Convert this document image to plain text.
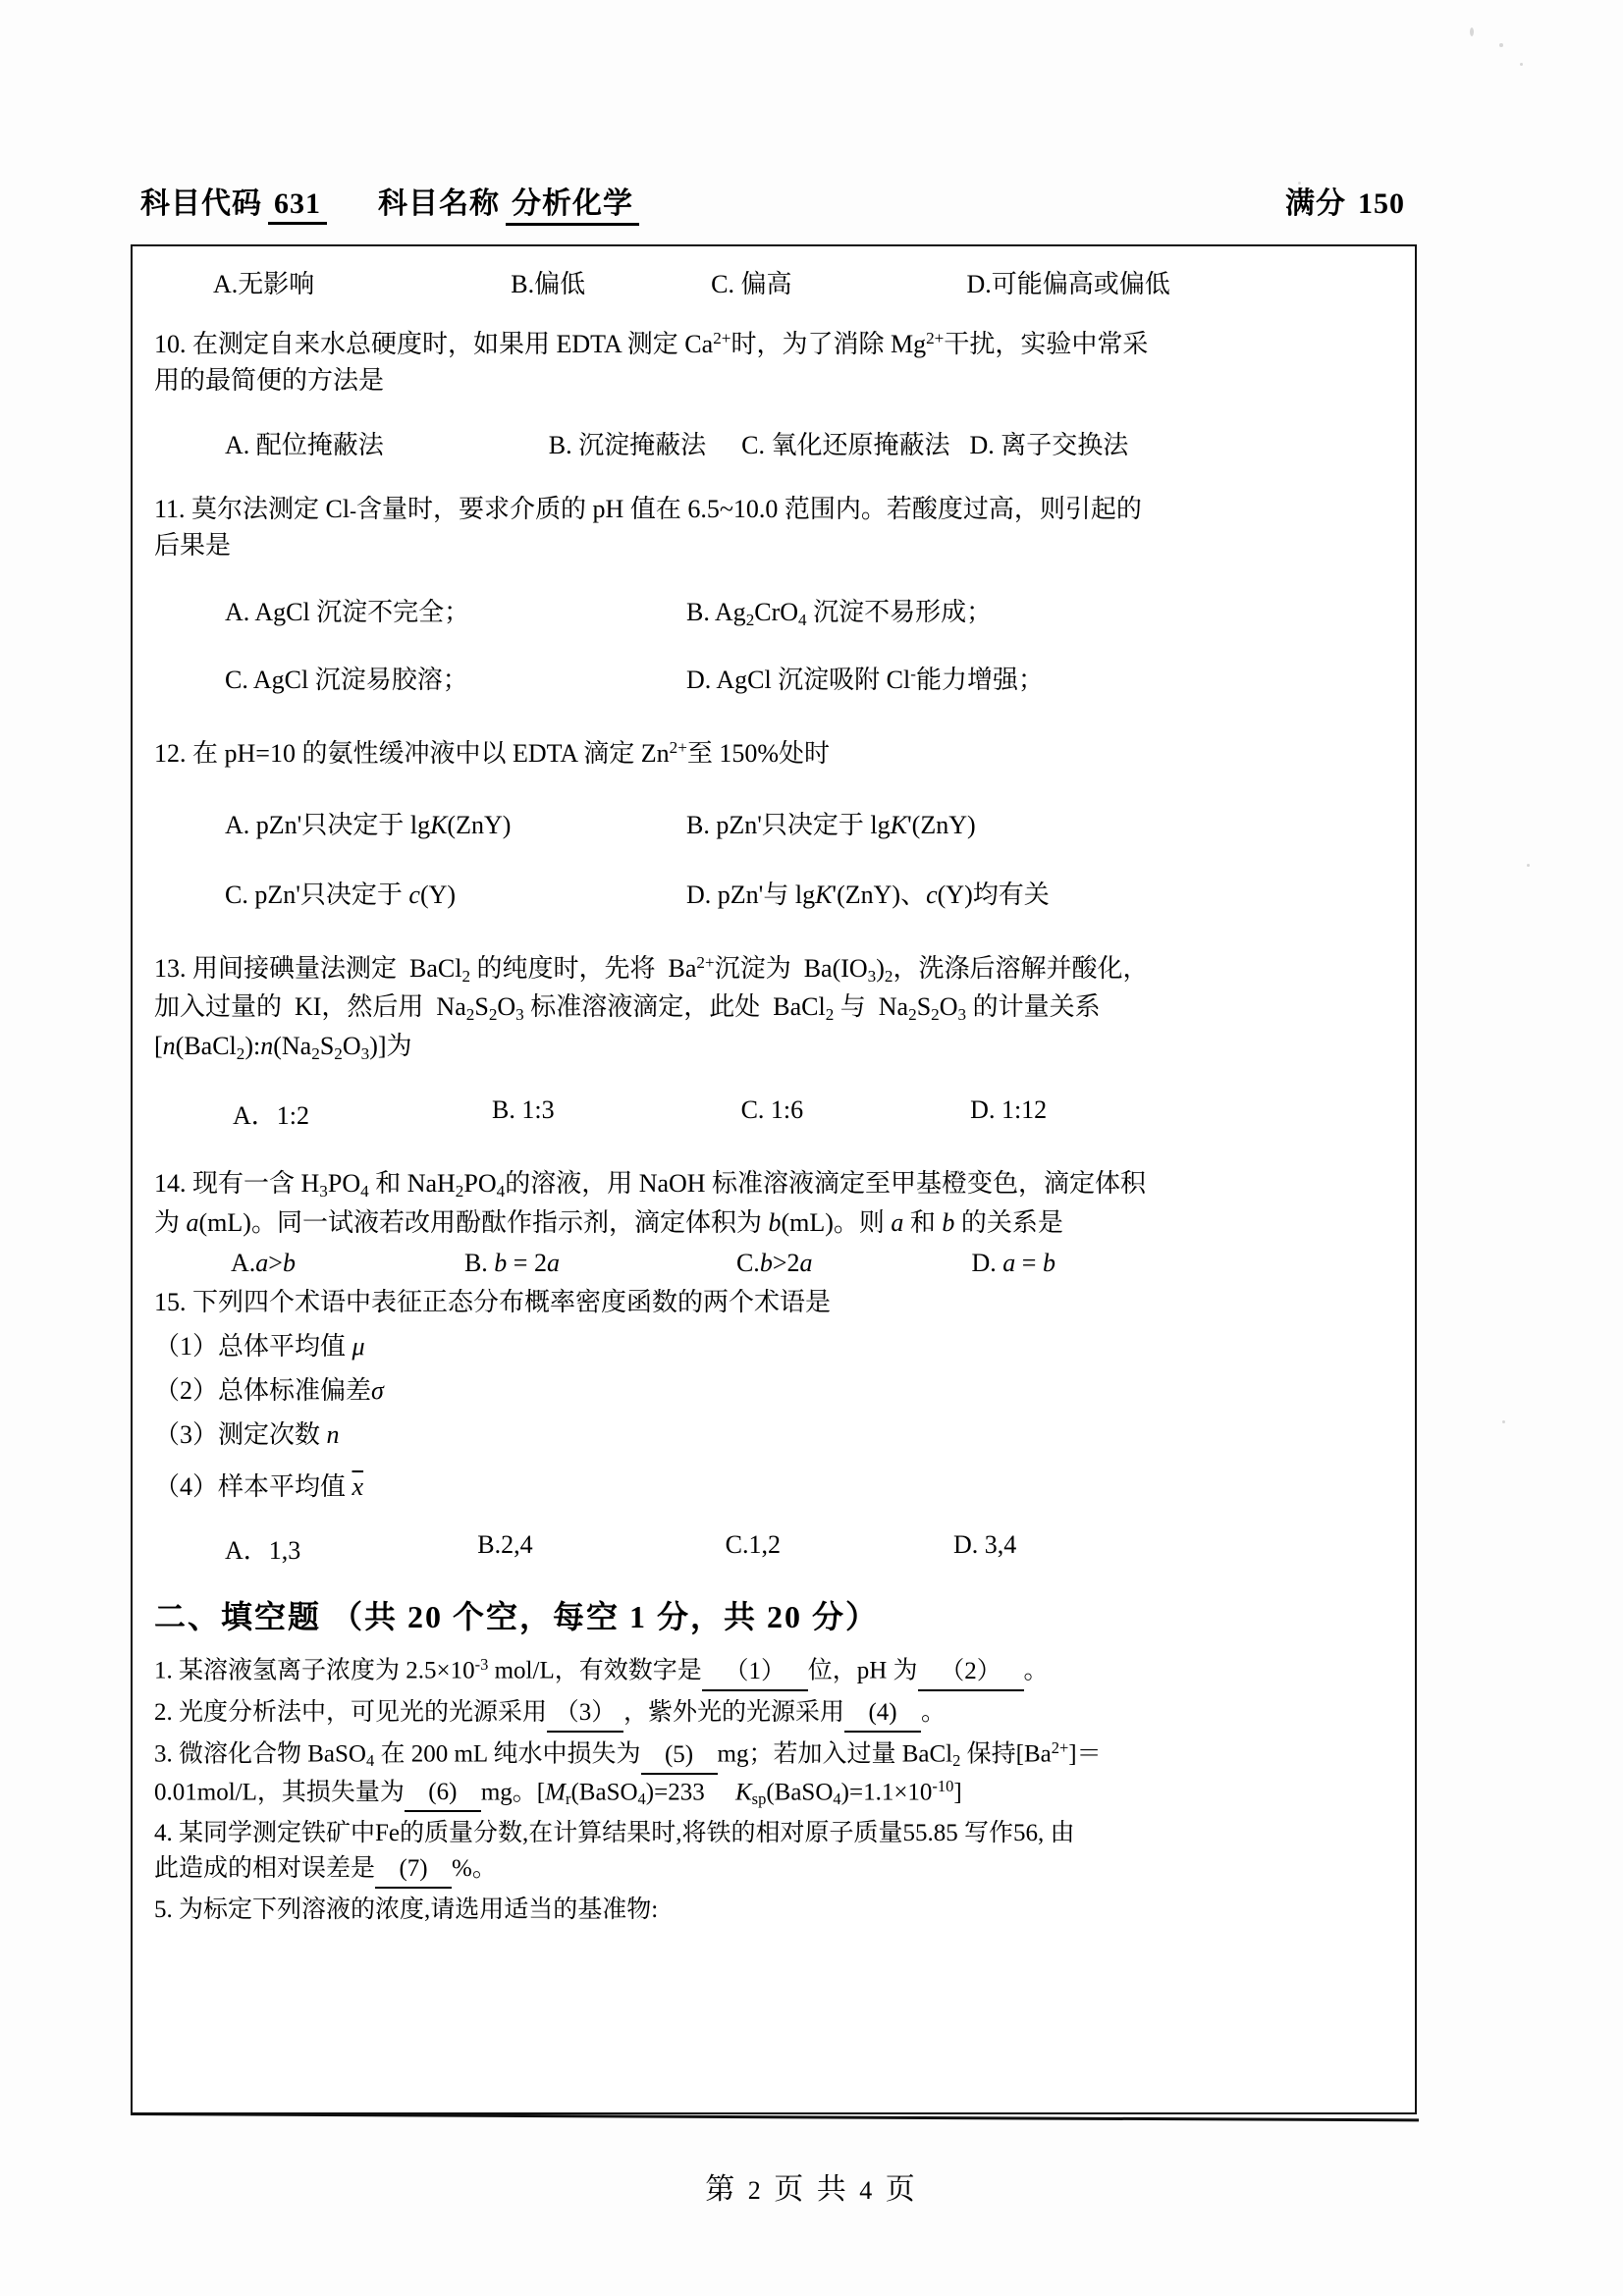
科目代码 631 科目名称 分析化学	满分 150
A.无影响	B.偏低	C. 偏高	D.可能偏高或偏低
10. 在测定自来水总硬度时，如果用 EDTA 测定 $Ca^{2+}$时，为了消除 $Mg^{2+}$干扰，实验中常采
用的最简便的方法是
A. 配位掩蔽法	B. 沉淀掩蔽法 C. 氧化还原掩蔽法 D. 离子交换法
11. 莫尔法测定 Cl-含量时，要求介质的 pH 值在 6.5~10.0 范围内。若酸度过高，则引起的
后果是
A. AgCl 沉淀不完全；	B. $Ag_2CrO_4$ 沉淀不易形成；
C. AgCl 沉淀易胶溶；	D. AgCl 沉淀吸附 Cl-能力增强；
12. 在 pH=10 的氨性缓冲液中以 EDTA 滴定 $Zn^{2+}$至 150%处时
A. pZn'只决定于 lgK(ZnY)	B. pZn'只决定于 lgK'(ZnY)
C. pZn'只决定于 c(Y)	D. pZn'与 lgK'(ZnY)、c(Y)均有关
13. 用间接碘量法测定  BaCl$_2$ 的纯度时，先将  $Ba^{2+}$沉淀为  $Ba(IO_3)_2$，洗涤后溶解并酸化，
加入过量的  KI，然后用  $Na_2S_2O_3$ 标准溶液滴定，此处  BaCl$_2$ 与  $Na_2S_2O_3$ 的计量关系
$[n(BaCl_2):n(Na_2S_2O_3)]$为
A．1:2	B. 1:3	C. 1:6	D. 1:12
14. 现有一含 $H_3PO_4$ 和 $NaH_2PO_4$的溶液，用 NaOH 标准溶液滴定至甲基橙变色，滴定体积
为 a(mL)。同一试液若改用酚酞作指示剂，滴定体积为 b(mL)。则 a 和 b 的关系是
A.a>b	B. b = 2a	C.b>2a	D. a = b
15. 下列四个术语中表征正态分布概率密度函数的两个术语是
（1）总体平均值 μ
（2）总体标准偏差σ
（3）测定次数 n
（4）样本平均值 $\overline{x}$
A．1,3	B.2,4	C.1,2	D. 3,4
二、填空题 （共 20 个空，每空 1 分，共 20 分）
1. 某溶液氢离子浓度为 $2.5\times 10^{-3}$ mol/L，有效数字是 （1） 位，pH 为 （2） 。
2. 光度分析法中，可见光的光源采用 （3） ，紫外光的光源采用 (4) 。
3. 微溶化合物 BaSO$_4$ 在 200 mL 纯水中损失为 (5) mg；若加入过量 BaCl$_2$ 保持$[Ba^{2+}]=$
0.01mol/L，其损失量为 (6) mg。[$M_r(BaSO_4)=233$     $K_{sp}(BaSO_4)=1.1\times 10^{-10}$]
4. 某同学测定铁矿中Fe的质量分数,在计算结果时,将铁的相对原子质量55.85 写作56, 由
此造成的相对误差是 (7) %。
5. 为标定下列溶液的浓度,请选用适当的基准物:
第 2 页 共 4 页
